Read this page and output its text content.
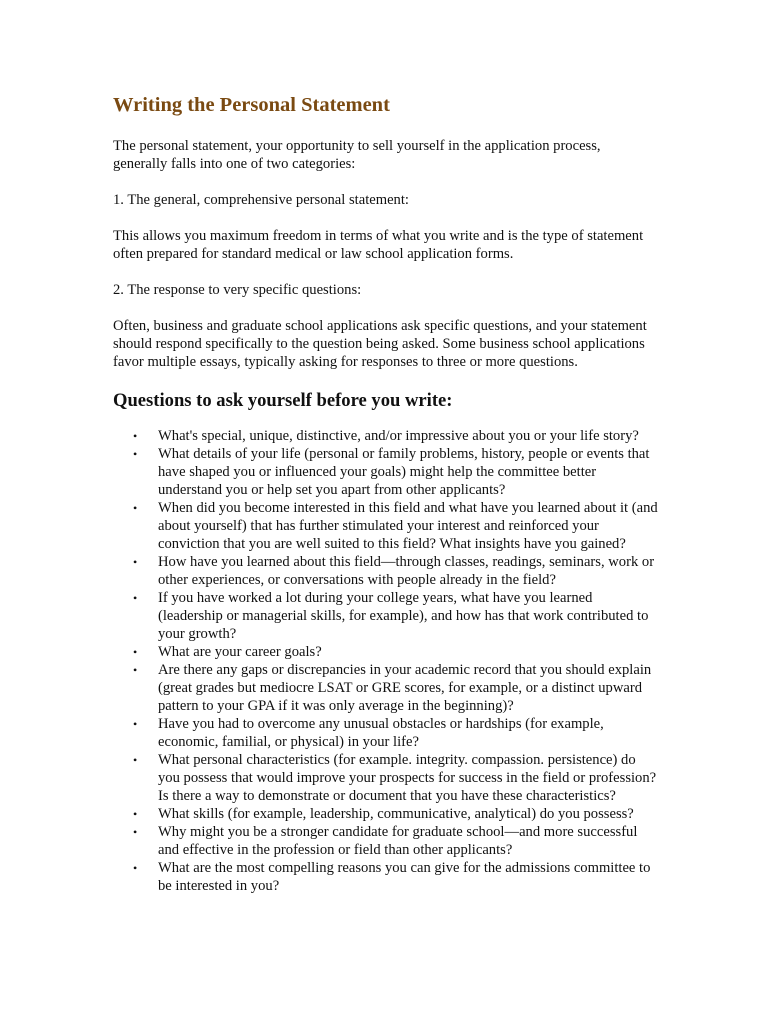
Writing the Personal Statement

The personal statement, your opportunity to sell yourself in the application process, generally falls into one of two categories:

1. The general, comprehensive personal statement:

This allows you maximum freedom in terms of what you write and is the type of statement often prepared for standard medical or law school application forms.

2. The response to very specific questions:

Often, business and graduate school applications ask specific questions, and your statement should respond specifically to the question being asked. Some business school applications favor multiple essays, typically asking for responses to three or more questions.

Questions to ask yourself before you write:
• What's special, unique, distinctive, and/or impressive about you or your life story?
• What details of your life (personal or family problems, history, people or events that have shaped you or influenced your goals) might help the committee better understand you or help set you apart from other applicants?
• When did you become interested in this field and what have you learned about it (and about yourself) that has further stimulated your interest and reinforced your conviction that you are well suited to this field? What insights have you gained?
• How have you learned about this field—through classes, readings, seminars, work or other experiences, or conversations with people already in the field?
• If you have worked a lot during your college years, what have you learned (leadership or managerial skills, for example), and how has that work contributed to your growth?
• What are your career goals?
• Are there any gaps or discrepancies in your academic record that you should explain (great grades but mediocre LSAT or GRE scores, for example, or a distinct upward pattern to your GPA if it was only average in the beginning)?
• Have you had to overcome any unusual obstacles or hardships (for example, economic, familial, or physical) in your life?
• What personal characteristics (for example. integrity. compassion. persistence) do you possess that would improve your prospects for success in the field or profession? Is there a way to demonstrate or document that you have these characteristics?
• What skills (for example, leadership, communicative, analytical) do you possess?
• Why might you be a stronger candidate for graduate school—and more successful and effective in the profession or field than other applicants?
• What are the most compelling reasons you can give for the admissions committee to be interested in you?
